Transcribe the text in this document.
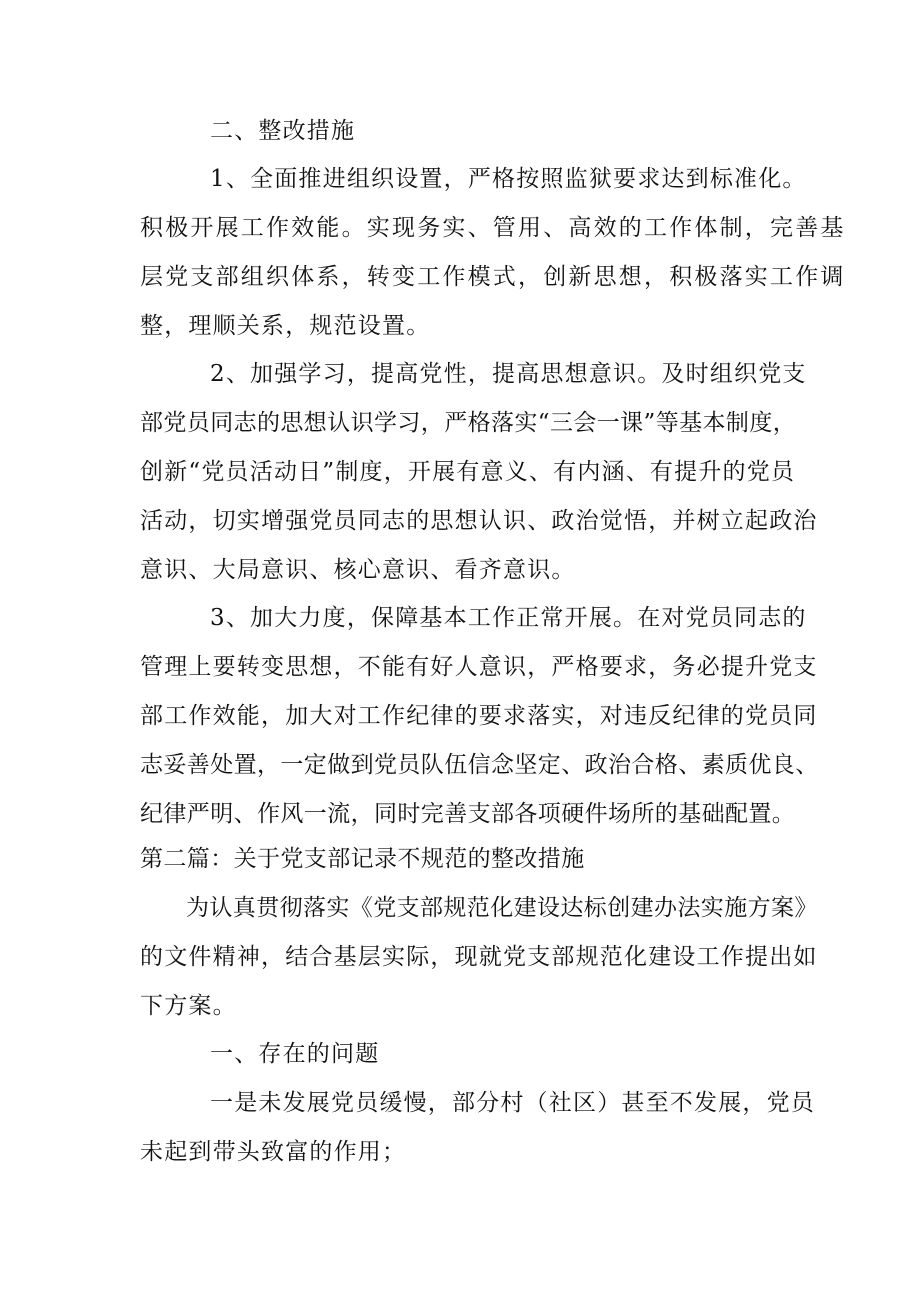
二、整改措施
1、全面推进组织设置，严格按照监狱要求达到标准化。
积极开展工作效能。实现务实、管用、高效的工作体制，完善基
层党支部组织体系，转变工作模式，创新思想，积极落实工作调
整，理顺关系，规范设置。
2、加强学习，提高党性，提高思想意识。及时组织党支
部党员同志的思想认识学习，严格落实“三会一课”等基本制度，
创新“党员活动日”制度，开展有意义、有内涵、有提升的党员
活动，切实增强党员同志的思想认识、政治觉悟，并树立起政治
意识、大局意识、核心意识、看齐意识。
3、加大力度，保障基本工作正常开展。在对党员同志的
管理上要转变思想，不能有好人意识，严格要求，务必提升党支
部工作效能，加大对工作纪律的要求落实，对违反纪律的党员同
志妥善处置，一定做到党员队伍信念坚定、政治合格、素质优良、
纪律严明、作风一流，同时完善支部各项硬件场所的基础配置。
第二篇：关于党支部记录不规范的整改措施
为认真贯彻落实《党支部规范化建设达标创建办法实施方案》
的文件精神，结合基层实际，现就党支部规范化建设工作提出如
下方案。
一、存在的问题
一是未发展党员缓慢，部分村（社区）甚至不发展，党员
未起到带头致富的作用；
